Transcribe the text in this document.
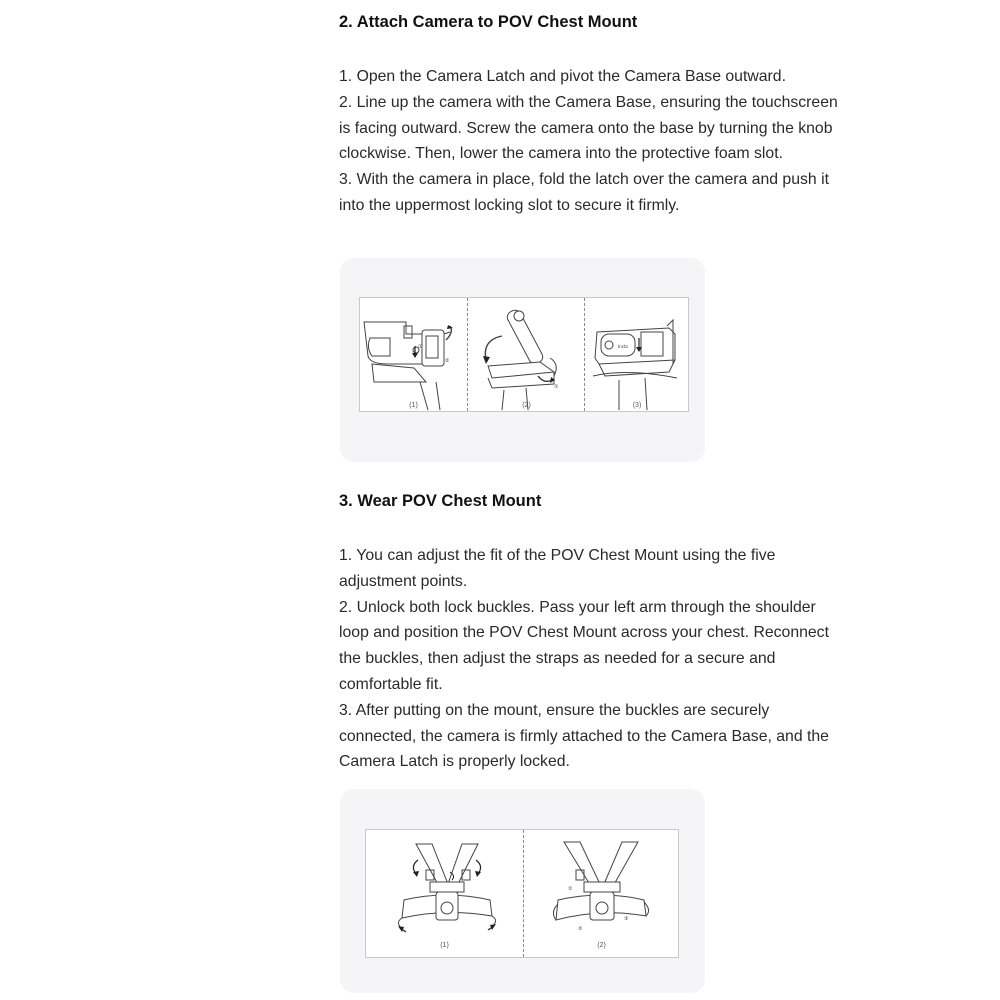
2. Attach Camera to POV Chest Mount
1. Open the Camera Latch and pivot the Camera Base outward.
2. Line up the camera with the Camera Base, ensuring the touchscreen is facing outward. Screw the camera onto the base by turning the knob clockwise. Then, lower the camera into the protective foam slot.
3. With the camera in place, fold the latch over the camera and push it into the uppermost locking slot to secure it firmly.
①
②
(1)
①
(2)
Insta
(3)
3. Wear POV Chest Mount
1. You can adjust the fit of the POV Chest Mount using the five adjustment points.
2. Unlock both lock buckles. Pass your left arm through the shoulder loop and position the POV Chest Mount across your chest. Reconnect the buckles, then adjust the straps as needed for a secure and comfortable fit.
3. After putting on the mount, ensure the buckles are securely connected, the camera is firmly attached to the Camera Base, and the Camera Latch is properly locked.
(1)
①
②
③
(2)
